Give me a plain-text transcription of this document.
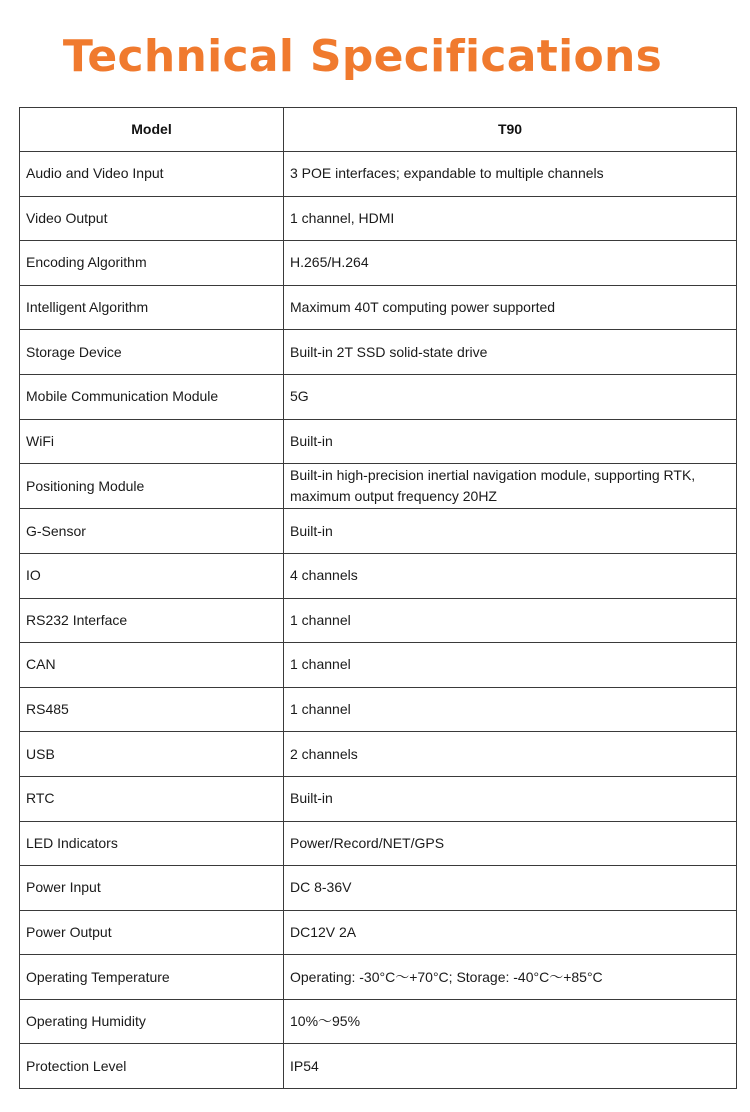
Technical Specifications
Model	T90
Audio and Video Input	3 POE interfaces; expandable to multiple channels
Video Output	1 channel, HDMI
Encoding Algorithm	H.265/H.264
Intelligent Algorithm	Maximum 40T computing power supported
Storage Device	Built-in 2T SSD solid-state drive
Mobile Communication Module	5G
WiFi	Built-in
Positioning Module	Built-in high-precision inertial navigation module, supporting RTK, maximum output frequency 20HZ
G-Sensor	Built-in
IO	4 channels
RS232 Interface	1 channel
CAN	1 channel
RS485	1 channel
USB	2 channels
RTC	Built-in
LED Indicators	Power/Record/NET/GPS
Power Input	DC 8-36V
Power Output	DC12V 2A
Operating Temperature	Operating: -30°C～+70°C; Storage: -40°C～+85°C
Operating Humidity	10%～95%
Protection Level	IP54
